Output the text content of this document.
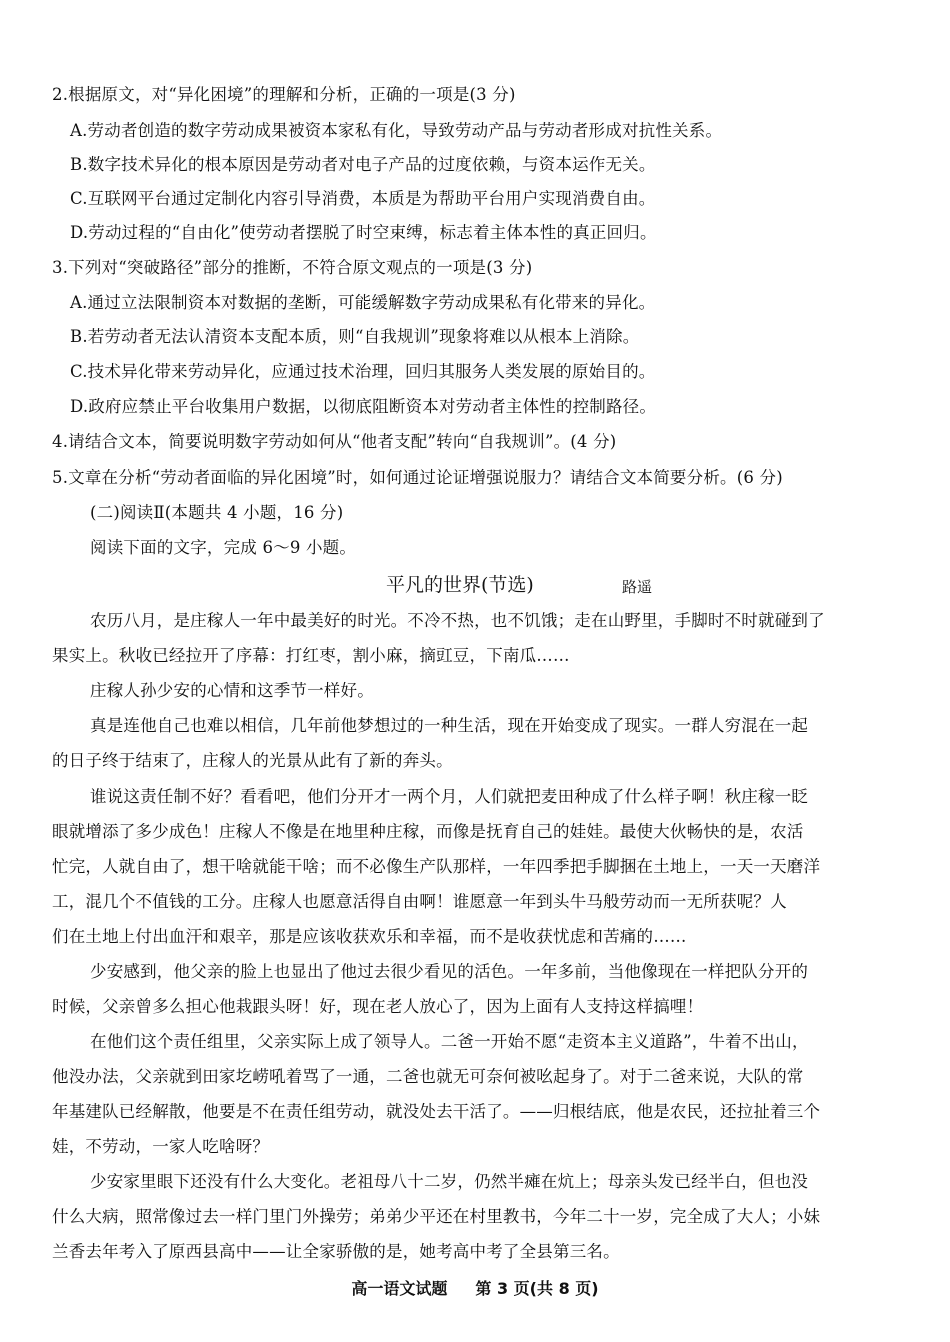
2.根据原文，对“异化困境”的理解和分析，正确的一项是(3 分)
A.劳动者创造的数字劳动成果被资本家私有化，导致劳动产品与劳动者形成对抗性关系。
B.数字技术异化的根本原因是劳动者对电子产品的过度依赖，与资本运作无关。
C.互联网平台通过定制化内容引导消费，本质是为帮助平台用户实现消费自由。
D.劳动过程的“自由化”使劳动者摆脱了时空束缚，标志着主体本性的真正回归。
3.下列对“突破路径”部分的推断，不符合原文观点的一项是(3 分)
A.通过立法限制资本对数据的垄断，可能缓解数字劳动成果私有化带来的异化。
B.若劳动者无法认清资本支配本质，则“自我规训”现象将难以从根本上消除。
C.技术异化带来劳动异化，应通过技术治理，回归其服务人类发展的原始目的。
D.政府应禁止平台收集用户数据，以彻底阻断资本对劳动者主体性的控制路径。
4.请结合文本，简要说明数字劳动如何从“他者支配”转向“自我规训”。(4 分)
5.文章在分析“劳动者面临的异化困境”时，如何通过论证增强说服力？请结合文本简要分析。(6 分)
(二)阅读Ⅱ(本题共 4 小题，16 分)
阅读下面的文字，完成 6～9 小题。
平凡的世界(节选)	路遥
农历八月，是庄稼人一年中最美好的时光。不冷不热，也不饥饿；走在山野里，手脚时不时就碰到了
果实上。秋收已经拉开了序幕：打红枣，割小麻，摘豇豆，下南瓜……
庄稼人孙少安的心情和这季节一样好。
真是连他自己也难以相信，几年前他梦想过的一种生活，现在开始变成了现实。一群人穷混在一起
的日子终于结束了，庄稼人的光景从此有了新的奔头。
谁说这责任制不好？看看吧，他们分开才一两个月，人们就把麦田种成了什么样子啊！秋庄稼一眨
眼就增添了多少成色！庄稼人不像是在地里种庄稼，而像是抚育自己的娃娃。最使大伙畅快的是，农活
忙完，人就自由了，想干啥就能干啥；而不必像生产队那样，一年四季把手脚捆在土地上，一天一天磨洋
工，混几个不值钱的工分。庄稼人也愿意活得自由啊！谁愿意一年到头牛马般劳动而一无所获呢？人
们在土地上付出血汗和艰辛，那是应该收获欢乐和幸福，而不是收获忧虑和苦痛的……
少安感到，他父亲的脸上也显出了他过去很少看见的活色。一年多前，当他像现在一样把队分开的
时候，父亲曾多么担心他栽跟头呀！好，现在老人放心了，因为上面有人支持这样搞哩！
在他们这个责任组里，父亲实际上成了领导人。二爸一开始不愿“走资本主义道路”，牛着不出山，
他没办法，父亲就到田家圪崂吼着骂了一通，二爸也就无可奈何被吆起身了。对于二爸来说，大队的常
年基建队已经解散，他要是不在责任组劳动，就没处去干活了。——归根结底，他是农民，还拉扯着三个
娃，不劳动，一家人吃啥呀？
少安家里眼下还没有什么大变化。老祖母八十二岁，仍然半瘫在炕上；母亲头发已经半白，但也没
什么大病，照常像过去一样门里门外操劳；弟弟少平还在村里教书，今年二十一岁，完全成了大人；小妹
兰香去年考入了原西县高中——让全家骄傲的是，她考高中考了全县第三名。
高一语文试题 第 3 页(共 8 页)
